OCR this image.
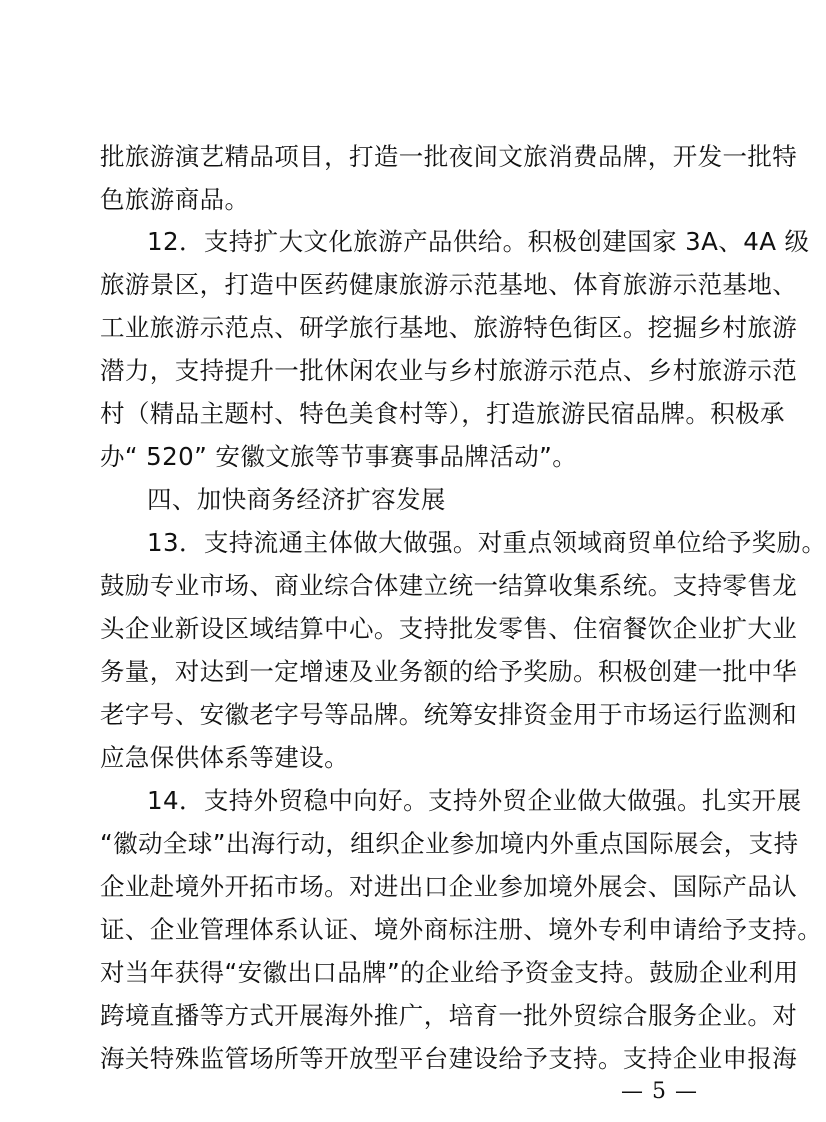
批旅游演艺精品项目，打造一批夜间文旅消费品牌，开发一批特
色旅游商品。
12．支持扩大文化旅游产品供给。积极创建国家 3A、4A 级
旅游景区，打造中医药健康旅游示范基地、体育旅游示范基地、
工业旅游示范点、研学旅行基地、旅游特色街区。挖掘乡村旅游
潜力，支持提升一批休闲农业与乡村旅游示范点、乡村旅游示范
村（精品主题村、特色美食村等），打造旅游民宿品牌。积极承
办“ 520” 安徽文旅等节事赛事品牌活动”。
四、加快商务经济扩容发展
13．支持流通主体做大做强。对重点领域商贸单位给予奖励。
鼓励专业市场、商业综合体建立统一结算收集系统。支持零售龙
头企业新设区域结算中心。支持批发零售、住宿餐饮企业扩大业
务量，对达到一定增速及业务额的给予奖励。积极创建一批中华
老字号、安徽老字号等品牌。统筹安排资金用于市场运行监测和
应急保供体系等建设。
14．支持外贸稳中向好。支持外贸企业做大做强。扎实开展
“徽动全球”出海行动，组织企业参加境内外重点国际展会，支持
企业赴境外开拓市场。对进出口企业参加境外展会、国际产品认
证、企业管理体系认证、境外商标注册、境外专利申请给予支持。
对当年获得“安徽出口品牌”的企业给予资金支持。鼓励企业利用
跨境直播等方式开展海外推广，培育一批外贸综合服务企业。对
海关特殊监管场所等开放型平台建设给予支持。支持企业申报海
— 5 —
